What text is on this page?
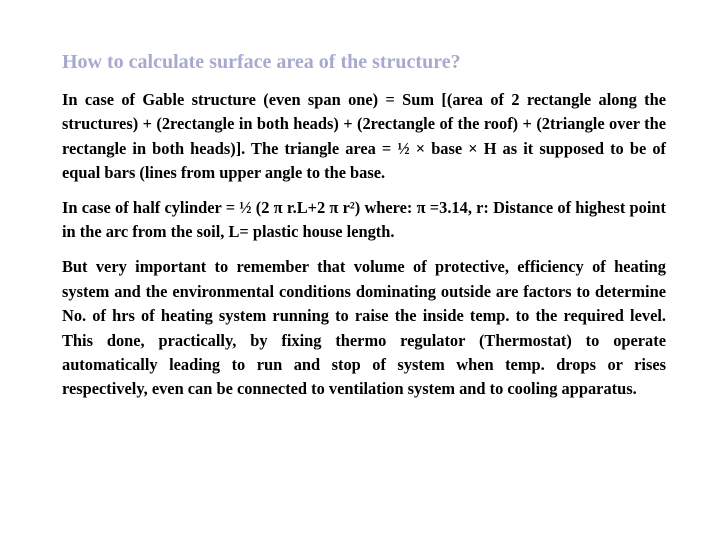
How to calculate surface area of the structure?

In case of Gable structure (even span one) = Sum [(area of 2 rectangle along the structures) + (2rectangle in both heads) + (2rectangle of the roof) + (2triangle over the rectangle in both heads)]. The triangle area = ½ × base × H as it supposed to be of equal bars (lines from upper angle to the base.

In case of half cylinder = ½ (2 π r.L+2 π r²) where: π =3.14, r: Distance of highest point in the arc from the soil, L= plastic house length.

But very important to remember that volume of protective, efficiency of heating system and the environmental conditions dominating outside are factors to determine No. of hrs of heating system running to raise the inside temp. to the required level. This done, practically, by fixing thermo regulator (Thermostat) to operate automatically leading to run and stop of system when temp. drops or rises respectively, even can be connected to ventilation system and to cooling apparatus.
